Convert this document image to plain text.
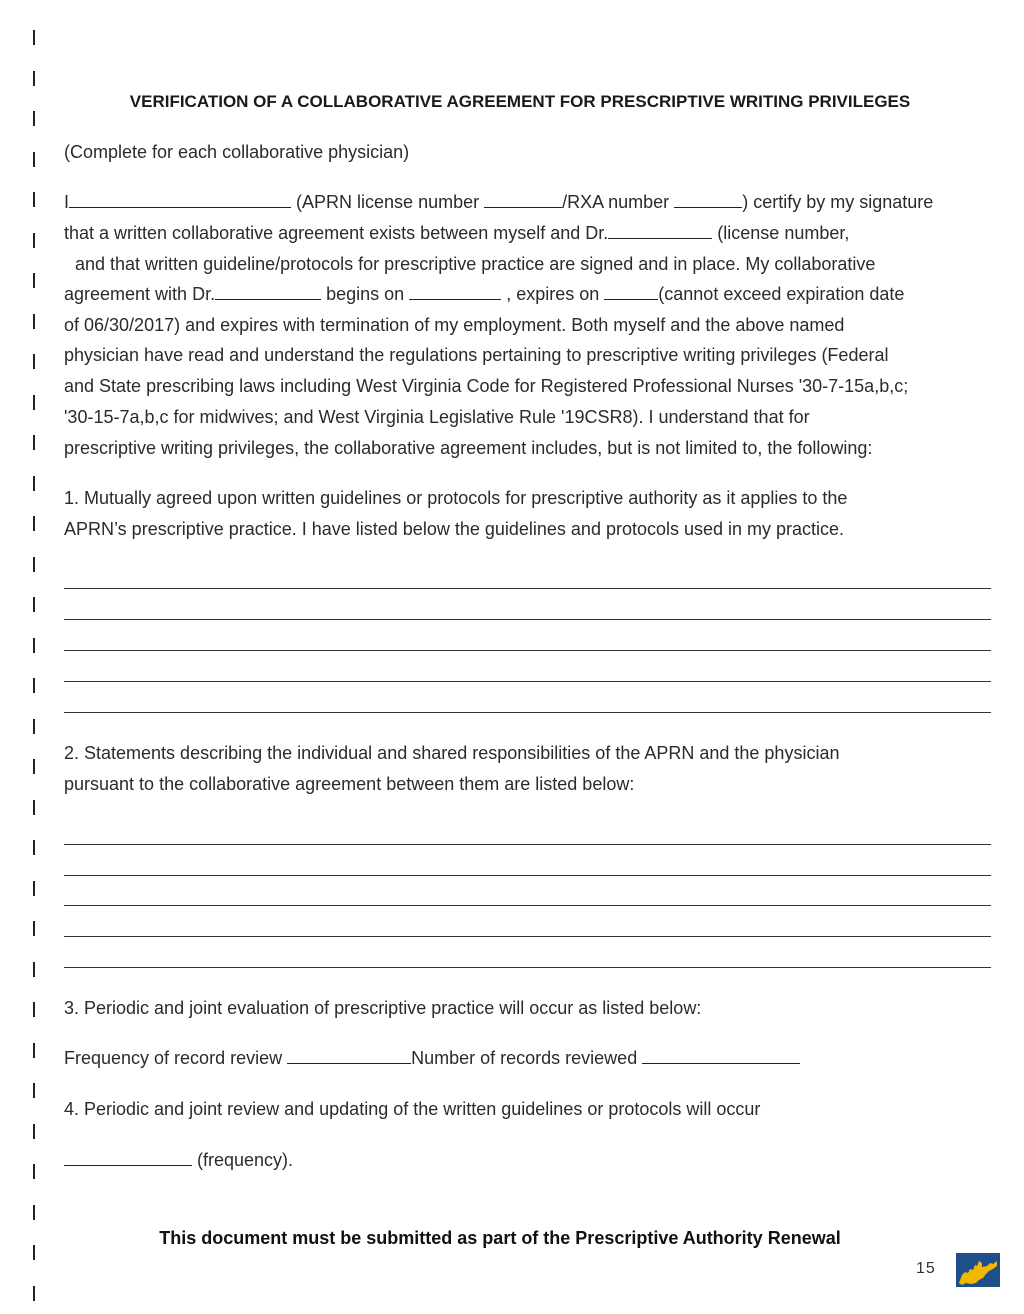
VERIFICATION OF A COLLABORATIVE AGREEMENT FOR PRESCRIPTIVE WRITING PRIVILEGES
(Complete for each collaborative physician)
I	(APRN license number	/RXA number	) certify by my signature
that a written collaborative agreement exists between myself and Dr.	(license number,
and that written guideline/protocols for prescriptive practice are signed and in place. My collaborative
agreement with Dr.	begins on	, expires on	(cannot exceed expiration date
of 06/30/2017) and expires with termination of my employment. Both myself and the above named
physician have read and understand the regulations pertaining to prescriptive writing privileges (Federal
and State prescribing laws including West Virginia Code for Registered Professional Nurses '30-7-15a,b,c;
'30-15-7a,b,c for midwives; and West Virginia Legislative Rule '19CSR8). I understand that for
prescriptive writing privileges, the collaborative agreement includes, but is not limited to, the following:
1. Mutually agreed upon written guidelines or protocols for prescriptive authority as it applies to the
APRN’s prescriptive practice. I have listed below the guidelines and protocols used in my practice.
2. Statements describing the individual and shared responsibilities of the APRN and the physician
pursuant to the collaborative agreement between them are listed below:
3. Periodic and joint evaluation of prescriptive practice will occur as listed below:
Frequency of record review	Number of records reviewed
4. Periodic and joint review and updating of the written guidelines or protocols will occur
(frequency).
This document must be submitted as part of the Prescriptive Authority Renewal
15
